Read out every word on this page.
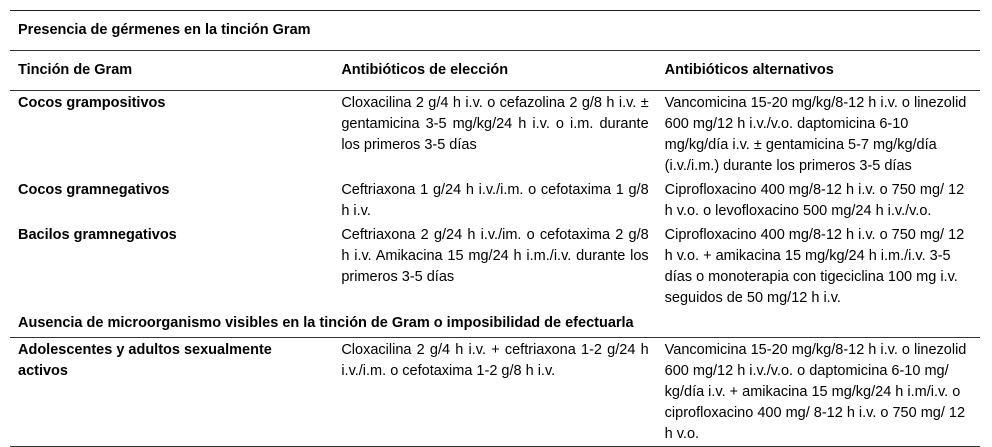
Presencia de gérmenes en la tinción Gram		
Tinción de Gram	Antibióticos de elección	Antibióticos alternativos
Cocos grampositivos	Cloxacilina 2 g/4 h i.v. o cefazolina 2 g/8 h i.v. ± gentamicina 3-5 mg/kg/24 h i.v. o i.m. durante los primeros 3-5 días	Vancomicina 15-20 mg/kg/8-12 h i.v. o linezolid 600 mg/12 h i.v./v.o. daptomicina 6-10 mg/kg/día i.v. ± gentamicina 5-7 mg/kg/día (i.v./i.m.) durante los primeros 3-5 días
Cocos gramnegativos	Ceftriaxona 1 g/24 h i.v./i.m. o cefotaxima 1 g/8 h i.v.	Ciprofloxacino 400 mg/8-12 h i.v. o 750 mg/ 12 h v.o. o levofloxacino 500 mg/24 h i.v./v.o.
Bacilos gramnegativos	Ceftriaxona 2 g/24 h i.v./im. o cefotaxima 2 g/8 h i.v. Amikacina 15 mg/24 h i.m./i.v. durante los primeros 3-5 días	Ciprofloxacino 400 mg/8-12 h i.v. o 750 mg/ 12 h v.o. + amikacina 15 mg/kg/24 h i.m./i.v. 3-5 días o monoterapia con tigeciclina 100 mg i.v. seguidos de 50 mg/12 h i.v.
Ausencia de microorganismo visibles en la tinción de Gram o imposibilidad de efectuarla		
Adolescentes y adultos sexualmente activos	Cloxacilina 2 g/4 h i.v. + ceftriaxona 1-2 g/24 h i.v./i.m. o cefotaxima 1-2 g/8 h i.v.	Vancomicina 15-20 mg/kg/8-12 h i.v. o linezolid 600 mg/12 h i.v./v.o. o daptomicina 6-10 mg/ kg/día i.v. + amikacina 15 mg/kg/24 h i.m/i.v. o ciprofloxacino 400 mg/ 8-12 h i.v. o 750 mg/ 12 h v.o.
